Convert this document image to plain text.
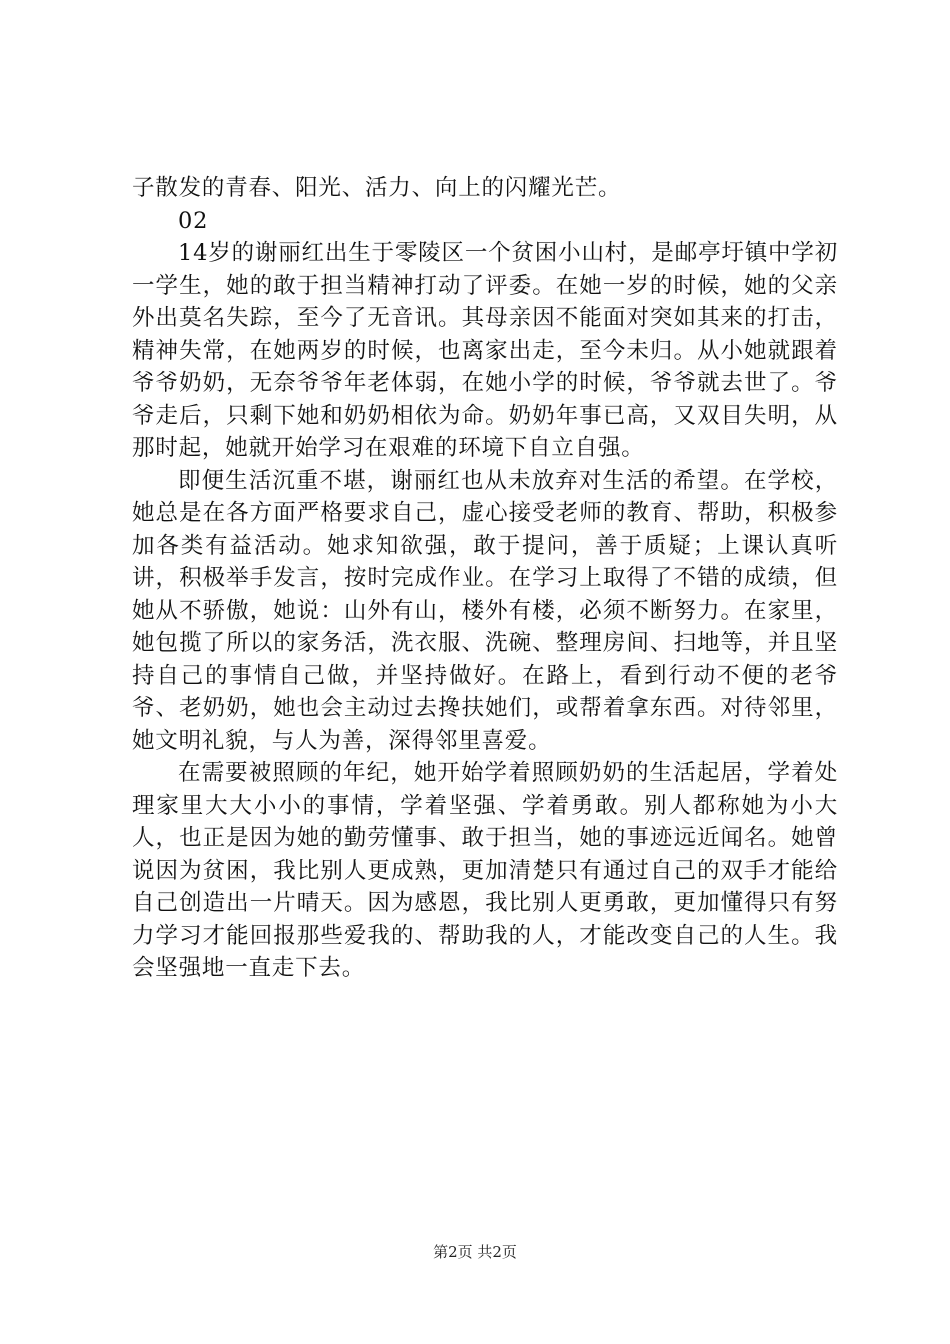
子散发的青春、阳光、活力、向上的闪耀光芒。

02

14岁的谢丽红出生于零陵区一个贫困小山村，是邮亭圩镇中学初一学生，她的敢于担当精神打动了评委。在她一岁的时候，她的父亲外出莫名失踪，至今了无音讯。其母亲因不能面对突如其来的打击，精神失常，在她两岁的时候，也离家出走，至今未归。从小她就跟着爷爷奶奶，无奈爷爷年老体弱，在她小学的时候，爷爷就去世了。爷爷走后，只剩下她和奶奶相依为命。奶奶年事已高，又双目失明，从那时起，她就开始学习在艰难的环境下自立自强。

即便生活沉重不堪，谢丽红也从未放弃对生活的希望。在学校，她总是在各方面严格要求自己，虚心接受老师的教育、帮助，积极参加各类有益活动。她求知欲强，敢于提问，善于质疑；上课认真听讲，积极举手发言，按时完成作业。在学习上取得了不错的成绩，但她从不骄傲，她说：山外有山，楼外有楼，必须不断努力。在家里，她包揽了所以的家务活，洗衣服、洗碗、整理房间、扫地等，并且坚持自己的事情自己做，并坚持做好。在路上，看到行动不便的老爷爷、老奶奶，她也会主动过去搀扶她们，或帮着拿东西。对待邻里，她文明礼貌，与人为善，深得邻里喜爱。

在需要被照顾的年纪，她开始学着照顾奶奶的生活起居，学着处理家里大大小小的事情，学着坚强、学着勇敢。别人都称她为小大人，也正是因为她的勤劳懂事、敢于担当，她的事迹远近闻名。她曾说因为贫困，我比别人更成熟，更加清楚只有通过自己的双手才能给自己创造出一片晴天。因为感恩，我比别人更勇敢，更加懂得只有努力学习才能回报那些爱我的、帮助我的人，才能改变自己的人生。我会坚强地一直走下去。

第2页 共2页
